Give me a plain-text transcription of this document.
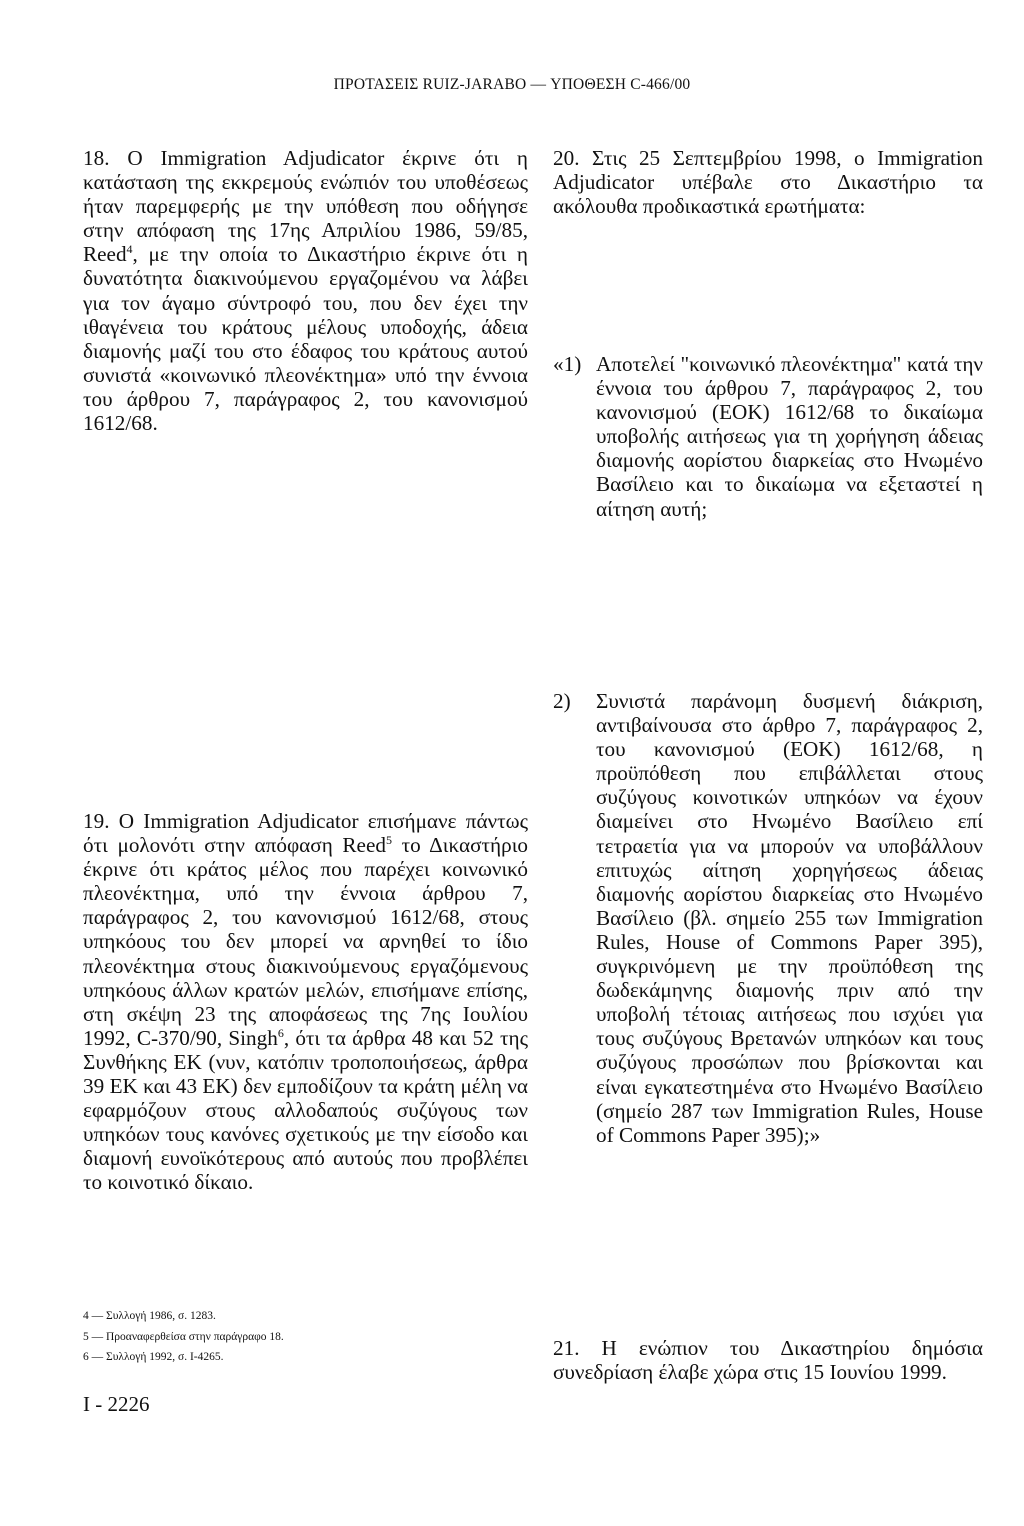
ΠΡΟΤΑΣΕΙΣ RUIZ-JARABO — ΥΠΟΘΕΣΗ C-466/00

18. Ο Immigration Adjudicator έκρινε ότι η κατάσταση της εκκρεμούς ενώπιόν του υποθέσεως ήταν παρεμφερής με την υπόθεση που οδήγησε στην απόφαση της 17ης Απριλίου 1986, 59/85, Reed$^4$, με την οποία το Δικαστήριο έκρινε ότι η δυνατότητα διακινούμενου εργαζομένου να λάβει για τον άγαμο σύντροφό του, που δεν έχει την ιθαγένεια του κράτους μέλους υποδοχής, άδεια διαμονής μαζί του στο έδαφος του κράτους αυτού συνιστά «κοινωνικό πλεονέκτημα» υπό την έννοια του άρθρου 7, παράγραφος 2, του κανονισμού 1612/68.

19. Ο Immigration Adjudicator επισήμανε πάντως ότι μολονότι στην απόφαση Reed$^5$ το Δικαστήριο έκρινε ότι κράτος μέλος που παρέχει κοινωνικό πλεονέκτημα, υπό την έννοια άρθρου 7, παράγραφος 2, του κανονισμού 1612/68, στους υπηκόους του δεν μπορεί να αρνηθεί το ίδιο πλεονέκτημα στους διακινούμενους εργαζόμενους υπηκόους άλλων κρατών μελών, επισήμανε επίσης, στη σκέψη 23 της αποφάσεως της 7ης Ιουλίου 1992, C-370/90, Singh$^6$, ότι τα άρθρα 48 και 52 της Συνθήκης ΕΚ (νυν, κατόπιν τροποποιήσεως, άρθρα 39 ΕΚ και 43 ΕΚ) δεν εμποδίζουν τα κράτη μέλη να εφαρμόζουν στους αλλοδαπούς συζύγους των υπηκόων τους κανόνες σχετικούς με την είσοδο και διαμονή ευνοϊκότερους από αυτούς που προβλέπει το κοινοτικό δίκαιο.

20. Στις 25 Σεπτεμβρίου 1998, ο Immigration Adjudicator υπέβαλε στο Δικαστήριο τα ακόλουθα προδικαστικά ερωτήματα:

«1) Αποτελεί "κοινωνικό πλεονέκτημα" κατά την έννοια του άρθρου 7, παράγραφος 2, του κανονισμού (ΕΟΚ) 1612/68 το δικαίωμα υποβολής αιτήσεως για τη χορήγηση άδειας διαμονής αορίστου διαρκείας στο Ηνωμένο Βασίλειο και το δικαίωμα να εξεταστεί η αίτηση αυτή;
2)	Συνιστά παράνομη δυσμενή διάκριση, αντιβαίνουσα στο άρθρο 7, παράγραφος 2, του κανονισμού (ΕΟΚ) 1612/68, η προϋπόθεση που επιβάλλεται στους συζύγους κοινοτικών υπηκόων να έχουν διαμείνει στο Ηνωμένο Βασίλειο επί τετραετία για να μπορούν να υποβάλλουν επιτυχώς αίτηση χορηγήσεως άδειας διαμονής αορίστου διαρκείας στο Ηνωμένο Βασίλειο (βλ. σημείο 255 των Immigration Rules, House of Commons Paper 395), συγκρινόμενη με την προϋπόθεση της δωδεκάμηνης διαμονής πριν από την υποβολή τέτοιας αιτήσεως που ισχύει για τους συζύγους Βρετανών υπηκόων και τους συζύγους προσώπων που βρίσκονται και είναι εγκατεστημένα στο Ηνωμένο Βασίλειο (σημείο 287 των Immigration Rules, House of Commons Paper 395);»

21. Η ενώπιον του Δικαστηρίου δημόσια συνεδρίαση έλαβε χώρα στις 15 Ιουνίου 1999.

4 — Συλλογή 1986, σ. 1283.
5 — Προαναφερθείσα στην παράγραφο 18.
6 — Συλλογή 1992, σ. I-4265.
I - 2226
